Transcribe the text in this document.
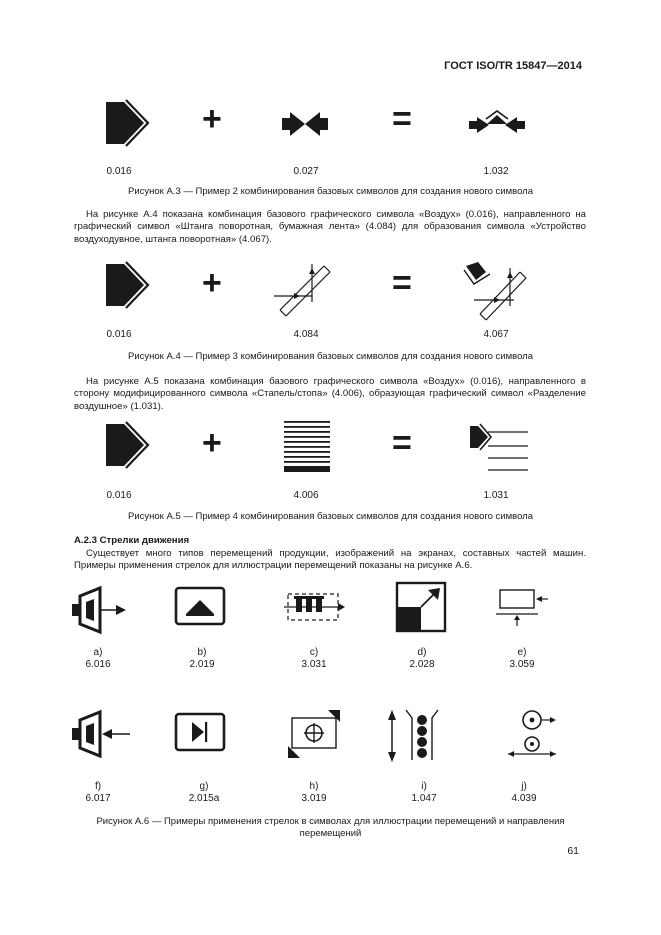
ГОСТ ISO/TR 15847—2014
+	=
0.016	0.027	1.032
Рисунок А.3 — Пример 2 комбинирования базовых символов для создания нового символа
На рисунке А.4 показана комбинация базового графического символа «Воздух» (0.016), направленного на графический символ «Штанга поворотная, бумажная лента» (4.084) для образования символа «Устройство воздуходувное, штанга поворотная» (4.067).
+	=
0.016	4.084	4.067
Рисунок А.4 — Пример 3 комбинирования базовых символов для создания нового символа
На рисунке А.5 показана комбинация базового графического символа «Воздух» (0.016), направленного в сторону модифицированного символа «Стапель/стопа» (4.006), образующая графический символ «Разделение воздушное» (1.031).
+	=
0.016	4.006	1.031
Рисунок А.5 — Пример 4 комбинирования базовых символов для создания нового символа
А.2.3 Стрелки движения
Существует много типов перемещений продукции, изображений на экранах, составных частей машин. Примеры применения стрелок для иллюстрации перемещений показаны на рисунке А.6.
a)
6.016
b)
2.019
c)
3.031
d)
2.028
e)
3.059
f)
6.017
g)
2.015a
h)
3.019
i)
1.047
j)
4.039
Рисунок А.6 — Примеры применения стрелок в символах для иллюстрации перемещений и направления
перемещений
61
